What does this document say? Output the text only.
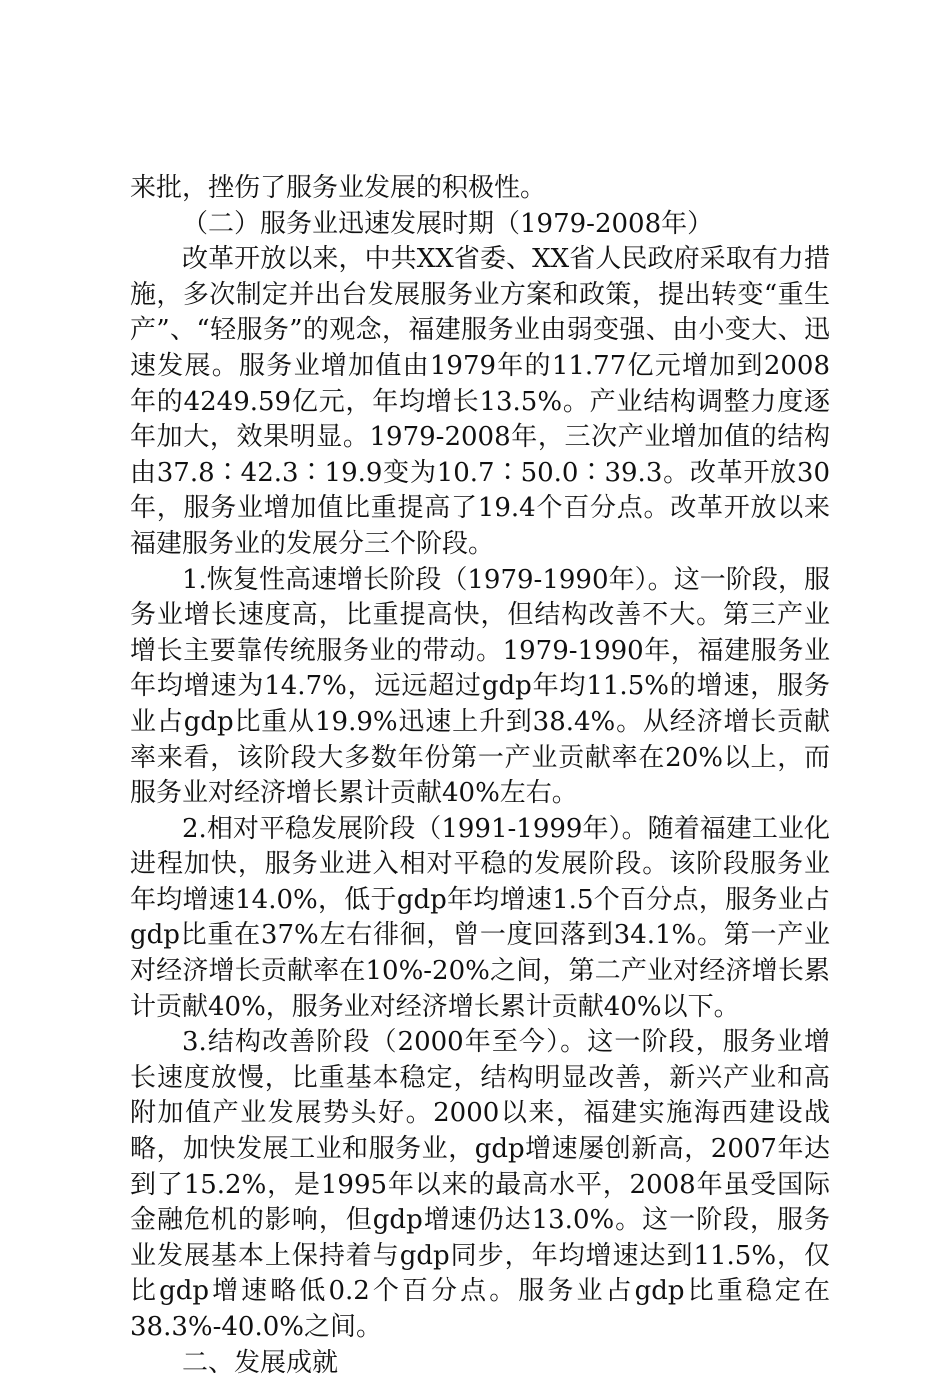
来批，挫伤了服务业发展的积极性。

（二）服务业迅速发展时期（1979-2008年）

改革开放以来，中共XX省委、XX省人民政府采取有力措施，多次制定并出台发展服务业方案和政策，提出转变“重生产”、“轻服务”的观念，福建服务业由弱变强、由小变大、迅速发展。服务业增加值由1979年的11.77亿元增加到2008年的4249.59亿元，年均增长13.5%。产业结构调整力度逐年加大，效果明显。1979-2008年，三次产业增加值的结构由37.8∶42.3∶19.9变为10.7∶50.0∶39.3。改革开放30年，服务业增加值比重提高了19.4个百分点。改革开放以来福建服务业的发展分三个阶段。

1.恢复性高速增长阶段（1979-1990年）。这一阶段，服务业增长速度高，比重提高快，但结构改善不大。第三产业增长主要靠传统服务业的带动。1979-1990年，福建服务业年均增速为14.7%，远远超过gdp年均11.5%的增速，服务业占gdp比重从19.9%迅速上升到38.4%。从经济增长贡献率来看，该阶段大多数年份第一产业贡献率在20%以上，而服务业对经济增长累计贡献40%左右。

2.相对平稳发展阶段（1991-1999年）。随着福建工业化进程加快，服务业进入相对平稳的发展阶段。该阶段服务业年均增速14.0%，低于gdp年均增速1.5个百分点，服务业占gdp比重在37%左右徘徊，曾一度回落到34.1%。第一产业对经济增长贡献率在10%-20%之间，第二产业对经济增长累计贡献40%，服务业对经济增长累计贡献40%以下。

3.结构改善阶段（2000年至今）。这一阶段，服务业增长速度放慢，比重基本稳定，结构明显改善，新兴产业和高附加值产业发展势头好。2000以来，福建实施海西建设战略，加快发展工业和服务业，gdp增速屡创新高，2007年达到了15.2%，是1995年以来的最高水平，2008年虽受国际金融危机的影响，但gdp增速仍达13.0%。这一阶段，服务业发展基本上保持着与gdp同步，年均增速达到11.5%，仅比gdp增速略低0.2个百分点。服务业占gdp比重稳定在38.3%-40.0%之间。

二、发展成就
